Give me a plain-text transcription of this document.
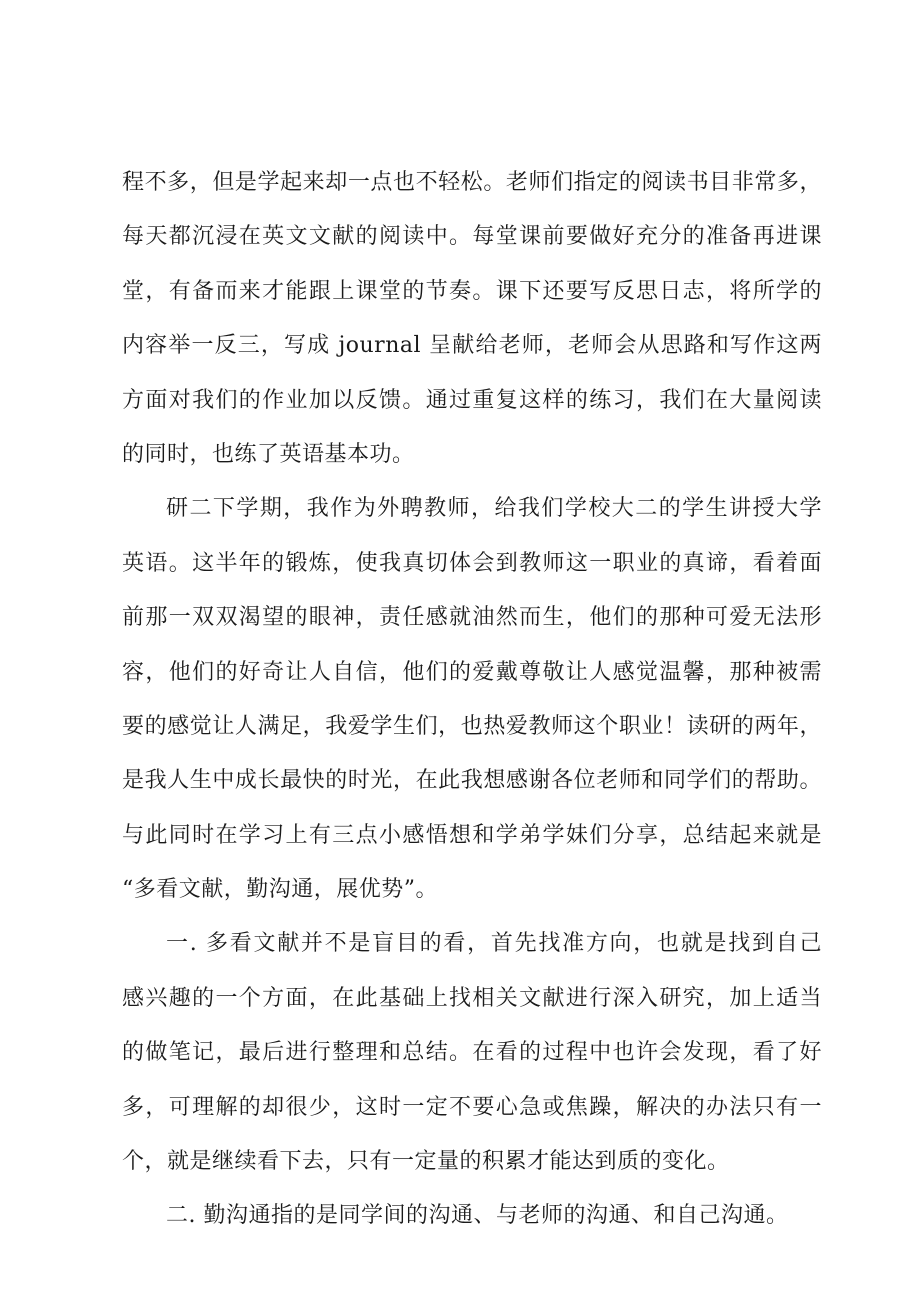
程不多，但是学起来却一点也不轻松。老师们指定的阅读书目非常多，
每天都沉浸在英文文献的阅读中。每堂课前要做好充分的准备再进课
堂，有备而来才能跟上课堂的节奏。课下还要写反思日志，将所学的
内容举一反三，写成 journal 呈献给老师，老师会从思路和写作这两
方面对我们的作业加以反馈。通过重复这样的练习，我们在大量阅读
的同时，也练了英语基本功。
研二下学期，我作为外聘教师，给我们学校大二的学生讲授大学
英语。这半年的锻炼，使我真切体会到教师这一职业的真谛，看着面
前那一双双渴望的眼神，责任感就油然而生，他们的那种可爱无法形
容，他们的好奇让人自信，他们的爱戴尊敬让人感觉温馨，那种被需
要的感觉让人满足，我爱学生们，也热爱教师这个职业！读研的两年，
是我人生中成长最快的时光，在此我想感谢各位老师和同学们的帮助。
与此同时在学习上有三点小感悟想和学弟学妹们分享，总结起来就是
“多看文献，勤沟通，展优势”。
一. 多看文献并不是盲目的看，首先找准方向，也就是找到自己
感兴趣的一个方面，在此基础上找相关文献进行深入研究，加上适当
的做笔记，最后进行整理和总结。在看的过程中也许会发现，看了好
多，可理解的却很少，这时一定不要心急或焦躁，解决的办法只有一
个，就是继续看下去，只有一定量的积累才能达到质的变化。
二. 勤沟通指的是同学间的沟通、与老师的沟通、和自己沟通。
